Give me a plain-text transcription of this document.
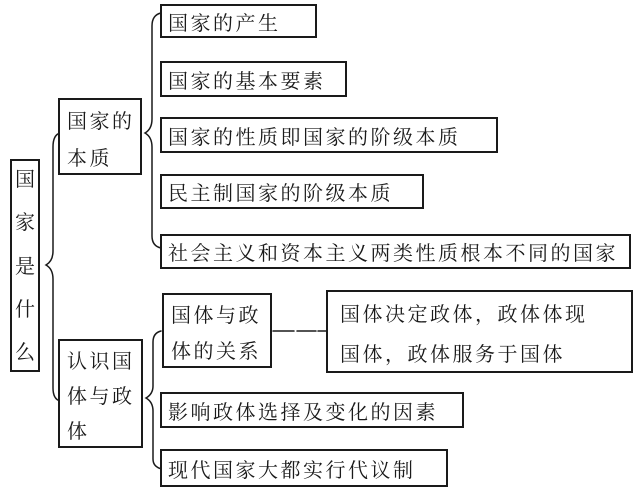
国
家
是
什
么
国家的
本质
国家的产生
国家的基本要素
国家的性质即国家的阶级本质
民主制国家的阶级本质
社会主义和资本主义两类性质根本不同的国家
认识国
体与政
体
国体与政
体的关系
国体决定政体，政体体现
国体，政体服务于国体
影响政体选择及变化的因素
现代国家大都实行代议制
